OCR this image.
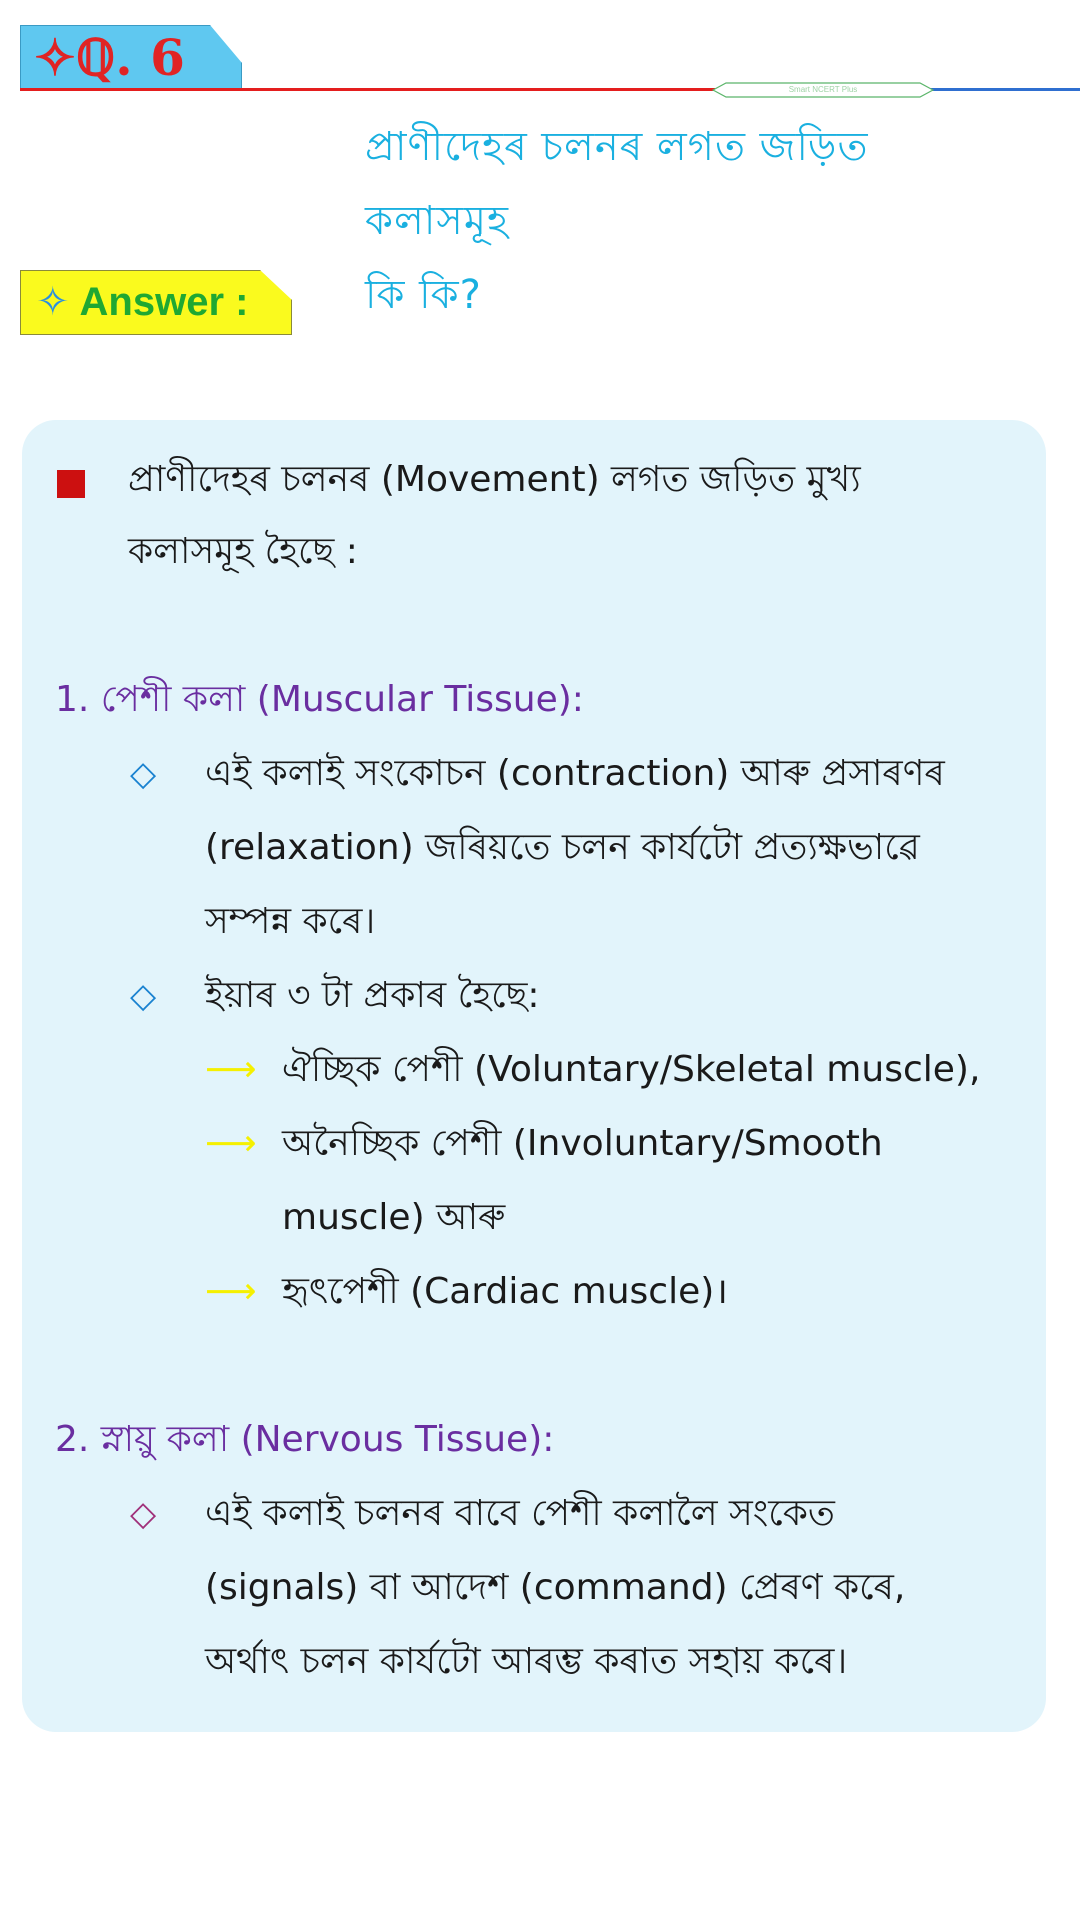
✧ℚ. 6
Smart NCERT Plus
প্ৰাণীদেহৰ চলনৰ লগত জড়িত কলাসমূহ
কি কি?
✧ Answer :
প্ৰাণীদেহৰ চলনৰ (Movement) লগত জড়িত মুখ্য
কলাসমূহ হৈছে :
1. পেশী কলা (Muscular Tissue):
◇ এই কলাই সংকোচন (contraction) আৰু প্ৰসাৰণৰ
(relaxation) জৰিয়তে চলন কাৰ্যটো প্ৰত্যক্ষভাৱে
সম্পন্ন কৰে।
◇ ইয়াৰ ৩ টা প্ৰকাৰ হৈছে:
⟶ ঐচ্ছিক পেশী (Voluntary/Skeletal muscle),
⟶ অনৈচ্ছিক পেশী (Involuntary/Smooth
muscle) আৰু
⟶ হৃৎপেশী (Cardiac muscle)।
2. স্নায়ু কলা (Nervous Tissue):
◇ এই কলাই চলনৰ বাবে পেশী কলালৈ সংকেত
(signals) বা আদেশ (command) প্ৰেৰণ কৰে,
অৰ্থাৎ চলন কাৰ্যটো আৰম্ভ কৰাত সহায় কৰে।
